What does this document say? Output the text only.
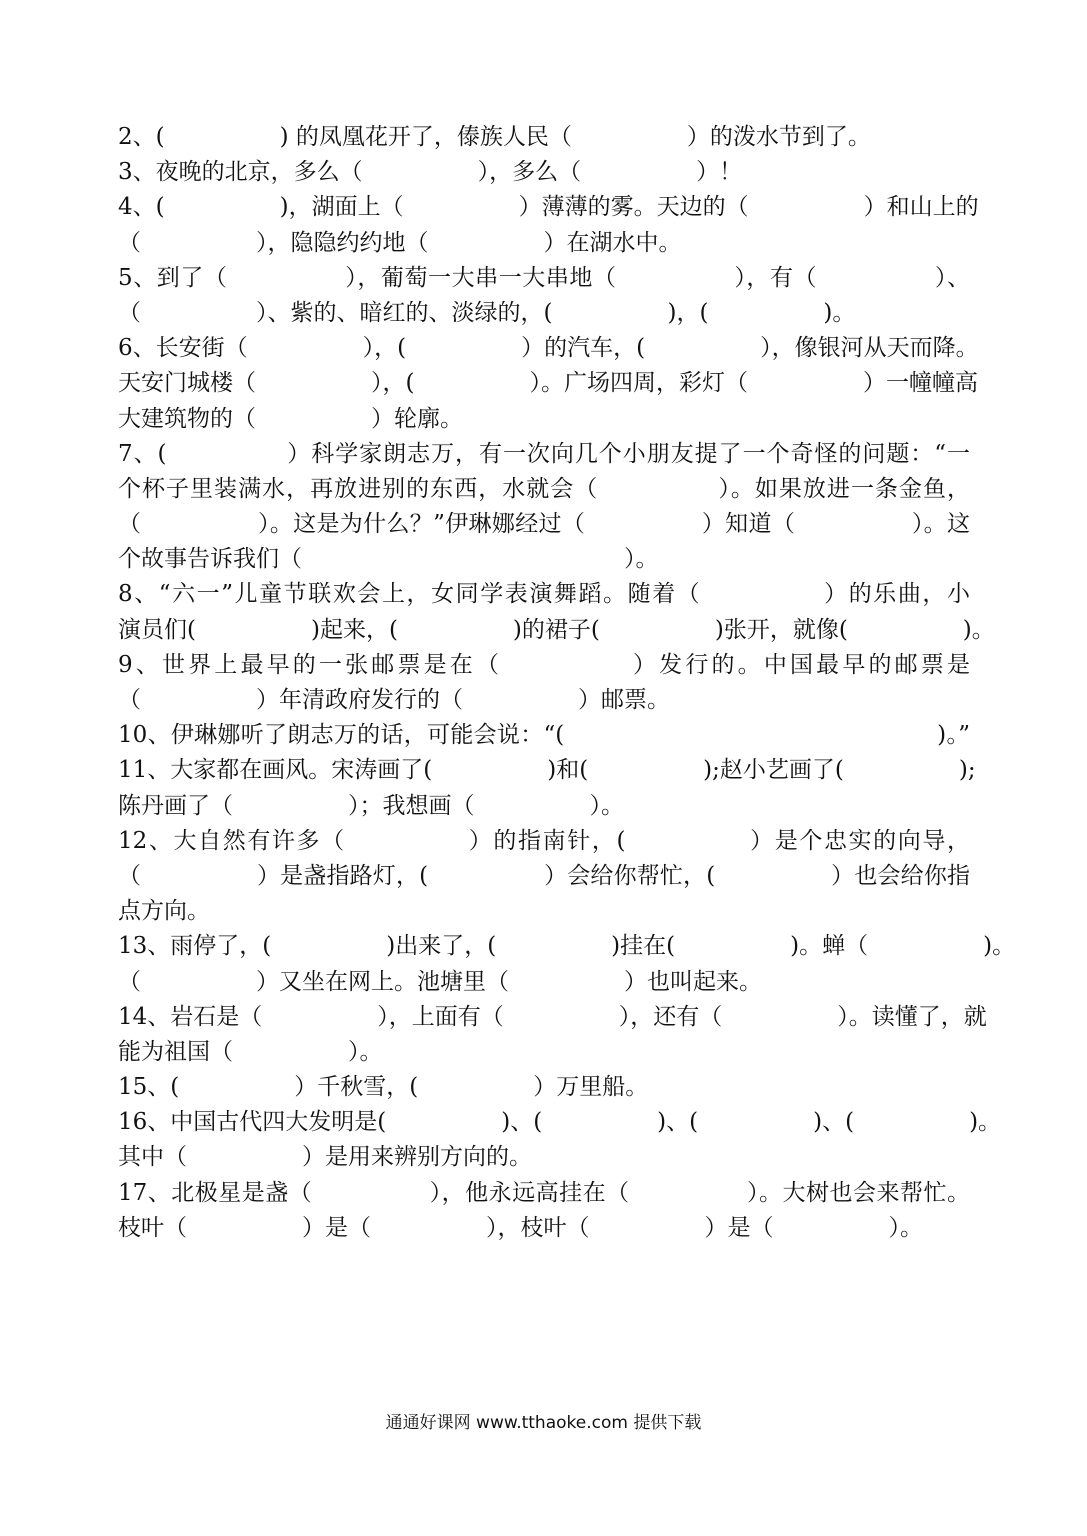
2、(　　　　　) 的凤凰花开了，傣族人民（　　　　　）的泼水节到了。
3、夜晚的北京，多么（　　　　　），多么（　　　　　）！
4、(　　　　　)，湖面上（　　　　　）薄薄的雾。天边的（　　　　　）和山上的
（　　　　　），隐隐约约地（　　　　　）在湖水中。
5、到了（　　　　　），葡萄一大串一大串地（　　　　　），有（　　　　　）、
（　　　　　）、紫的、暗红的、淡绿的，(　　　　　)，(　　　　　)。
6、长安街（　　　　　），(　　　　　）的汽车，(　　　　　），像银河从天而降。
天安门城楼（　　　　　），(　　　　　）。广场四周，彩灯（　　　　　）一幢幢高
大建筑物的（　　　　　）轮廓。
7、(　　　　　）科学家朗志万，有一次向几个小朋友提了一个奇怪的问题：“一
个杯子里装满水，再放进别的东西，水就会（　　　　　）。如果放进一条金鱼，
（　　　　　）。这是为什么？”伊琳娜经过（　　　　　）知道（　　　　　）。这
个故事告诉我们（　　　　　　　　　　　　　　）。
8、“六一”儿童节联欢会上，女同学表演舞蹈。随着（　　　　　）的乐曲，小
演员们(　　　　　)起来，(　　　　　)的裙子(　　　　　)张开，就像(　　　　　)。
9、世界上最早的一张邮票是在（　　　　　）发行的。中国最早的邮票是
（　　　　　）年清政府发行的（　　　　　）邮票。
10、伊琳娜听了朗志万的话，可能会说：“(　　　　　　　　　　　　　　　　)。”
11、大家都在画风。宋涛画了(　　　　　)和(　　　　　);赵小艺画了(　　　　　);
陈丹画了（　　　　　）；我想画（　　　　　）。
12、大自然有许多（　　　　　）的指南针，(　　　　　）是个忠实的向导，
（　　　　　）是盏指路灯，(　　　　　）会给你帮忙，(　　　　　）也会给你指
点方向。
13、雨停了，(　　　　　)出来了，(　　　　　)挂在(　　　　　)。蝉（　　　　　)。
（　　　　　）又坐在网上。池塘里（　　　　　）也叫起来。
14、岩石是（　　　　　），上面有（　　　　　），还有（　　　　　）。读懂了，就
能为祖国（　　　　　）。
15、(　　　　　）千秋雪，(　　　　　）万里船。
16、中国古代四大发明是(　　　　　)、(　　　　　)、(　　　　　)、(　　　　　)。
其中（　　　　　）是用来辨别方向的。
17、北极星是盏（　　　　　），他永远高挂在（　　　　　）。大树也会来帮忙。
枝叶（　　　　　）是（　　　　　），枝叶（　　　　　）是（　　　　　）。
通通好课网 www.tthaoke.com 提供下载
